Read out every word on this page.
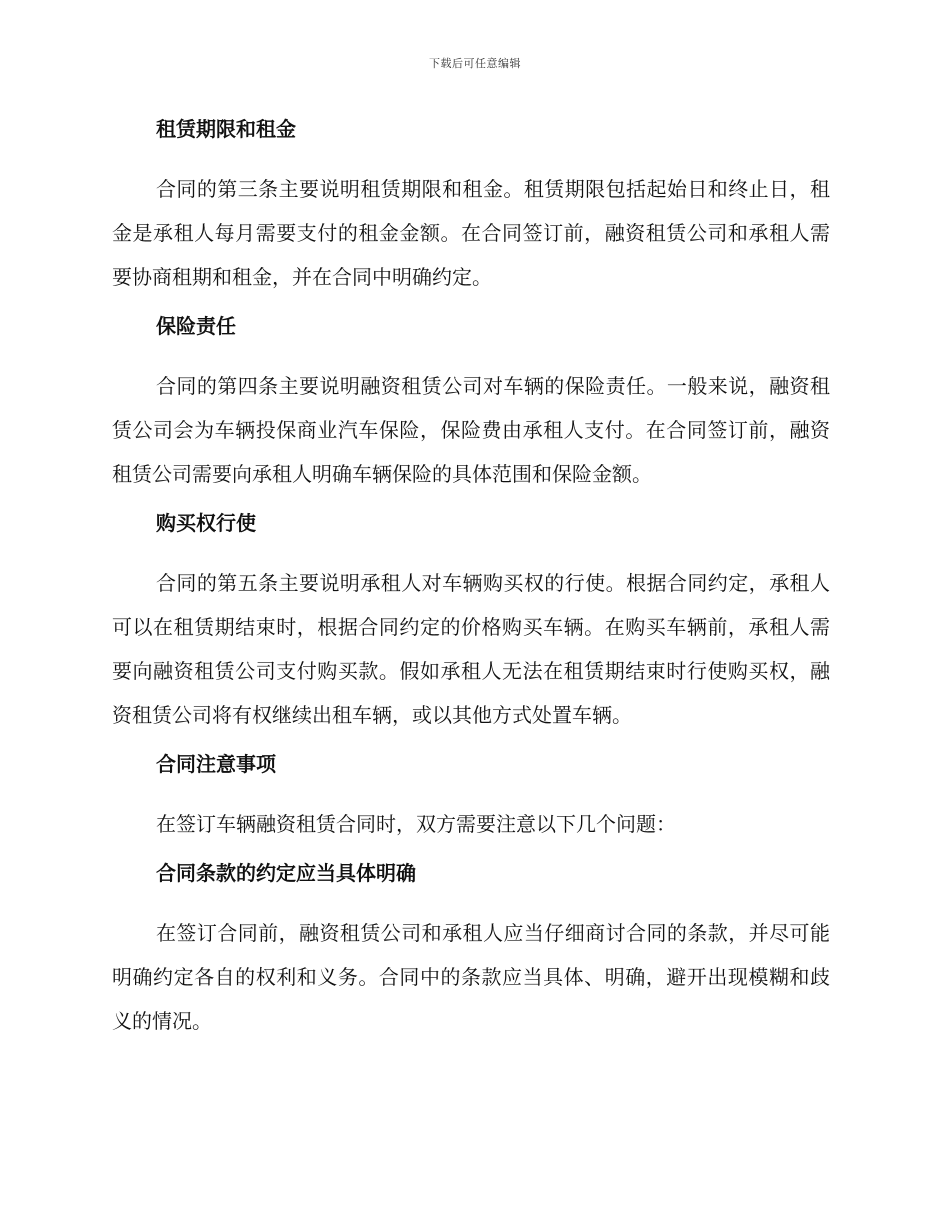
下载后可任意编辑
租赁期限和租金
合同的第三条主要说明租赁期限和租金。租赁期限包括起始日和终止日，租金是承租人每月需要支付的租金金额。在合同签订前，融资租赁公司和承租人需要协商租期和租金，并在合同中明确约定。
保险责任
合同的第四条主要说明融资租赁公司对车辆的保险责任。一般来说，融资租赁公司会为车辆投保商业汽车保险，保险费由承租人支付。在合同签订前，融资租赁公司需要向承租人明确车辆保险的具体范围和保险金额。
购买权行使
合同的第五条主要说明承租人对车辆购买权的行使。根据合同约定，承租人可以在租赁期结束时，根据合同约定的价格购买车辆。在购买车辆前，承租人需要向融资租赁公司支付购买款。假如承租人无法在租赁期结束时行使购买权，融资租赁公司将有权继续出租车辆，或以其他方式处置车辆。
合同注意事项
在签订车辆融资租赁合同时，双方需要注意以下几个问题：
合同条款的约定应当具体明确
在签订合同前，融资租赁公司和承租人应当仔细商讨合同的条款，并尽可能明确约定各自的权利和义务。合同中的条款应当具体、明确，避开出现模糊和歧义的情况。
